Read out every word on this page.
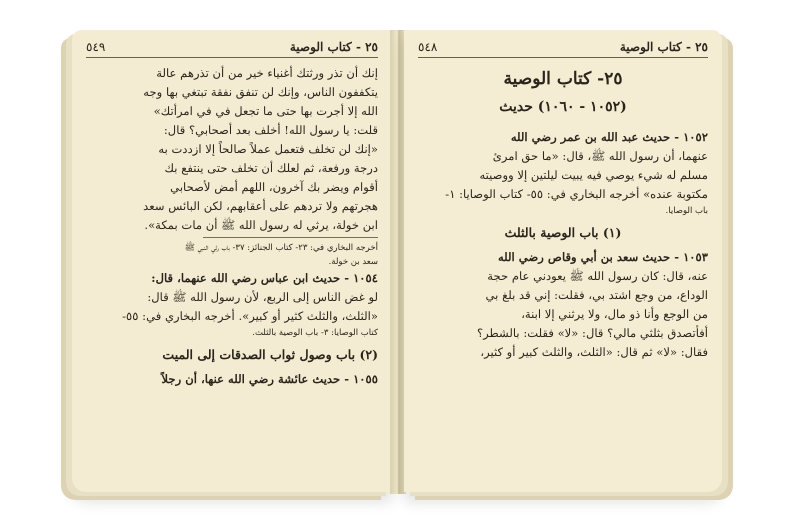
٢٥ - كتاب الوصية
٥٤٩
إنك أن تذر ورثتك أغنياء خير من أن تذرهم عالة
يتكففون الناس، وإنك لن تنفق نفقة تبتغي بها وجه
الله إلا أجرت بها حتى ما تجعل في في امرأتك»
قلت: يا رسول الله! أخلف بعد أصحابي؟ قال:
«إنك لن تخلف فتعمل عملاً صالحاً إلا ازددت به
درجة ورفعة، ثم لعلك أن تخلف حتى ينتفع بك
أقوام ويضر بك آخرون، اللهم أمض لأصحابي
هجرتهم ولا تردهم على أعقابهم، لكن البائس سعد
ابن خولة، يرثي له رسول الله ﷺ أن مات بمكة».
أخرجه البخاري في: ٢٣- كتاب الجنائز: ٣٧- باب رثي النبي ﷺ
سعد بن خولة.
١٠٥٤ - حديث ابن عباس رضي الله عنهما، قال:
لو غض الناس إلى الربع، لأن رسول الله ﷺ قال:
«الثلث، والثلث كثير أو كبير». أخرجه البخاري في: ٥٥-
كتاب الوصايا: ٣- باب الوصية بالثلث.
(٢) باب وصول ثواب الصدقات إلى الميت
١٠٥٥ - حديث عائشة رضي الله عنها، أن رجلاً
٢٥ - كتاب الوصية
٥٤٨
٢٥- كتاب الوصية
(١٠٥٢ - ١٠٦٠) حديث
١٠٥٢ - حديث عبد الله بن عمر رضي الله
عنهما، أن رسول الله ﷺ، قال: «ما حق امرئ
مسلم له شيء يوصي فيه يبيت ليلتين إلا ووصيته
مكتوبة عنده» أخرجه البخاري في: ٥٥- كتاب الوصايا: ١-
باب الوصايا.
(١) باب الوصية بالثلث
١٠٥٣ - حديث سعد بن أبي وقاص رضي الله
عنه، قال: كان رسول الله ﷺ يعودني عام حجة
الوداع، من وجع اشتد بي، فقلت: إني قد بلغ بي
من الوجع وأنا ذو مال، ولا يرثني إلا ابنة،
أفأتصدق بثلثي مالي؟ قال: «لا» فقلت: بالشطر؟
فقال: «لا» ثم قال: «الثلث، والثلث كبير أو كثير،
